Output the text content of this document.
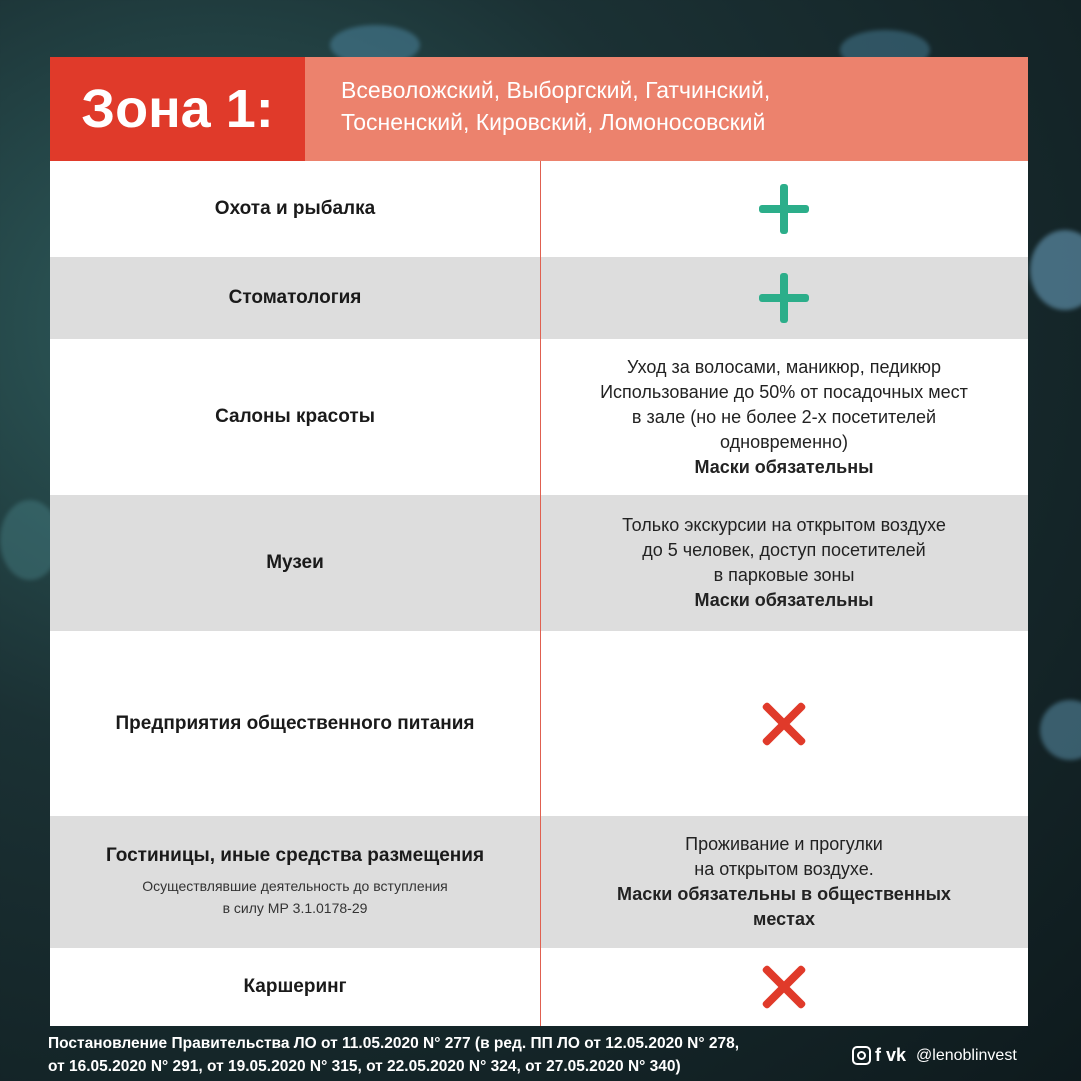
Зона 1:	Всеволожский, Выборгский, Гатчинский,
Тосненский, Кировский, Ломоносовский
Охота и рыбалка
Стоматология
Салоны красоты
Уход за волосами, маникюр, педикюр
Использование до 50% от посадочных мест
в зале (но не более 2-х посетителей
одновременно)
Маски обязательны
Музеи
Только экскурсии на открытом воздухе
до 5 человек, доступ посетителей
в парковые зоны
Маски обязательны
Предприятия общественного питания
Гостиницы, иные средства размещения
Осуществлявшие деятельность до вступления
в силу МР 3.1.0178-29
Проживание и прогулки
на открытом воздухе.
Маски обязательны в общественных
местах
Каршеринг
Постановление Правительства ЛО от 11.05.2020 N° 277 (в ред. ПП ЛО от 12.05.2020 N° 278,
от 16.05.2020 N° 291, от 19.05.2020 N° 315, от 22.05.2020 N° 324, от 27.05.2020 N° 340)
f vk @lenoblinvest
